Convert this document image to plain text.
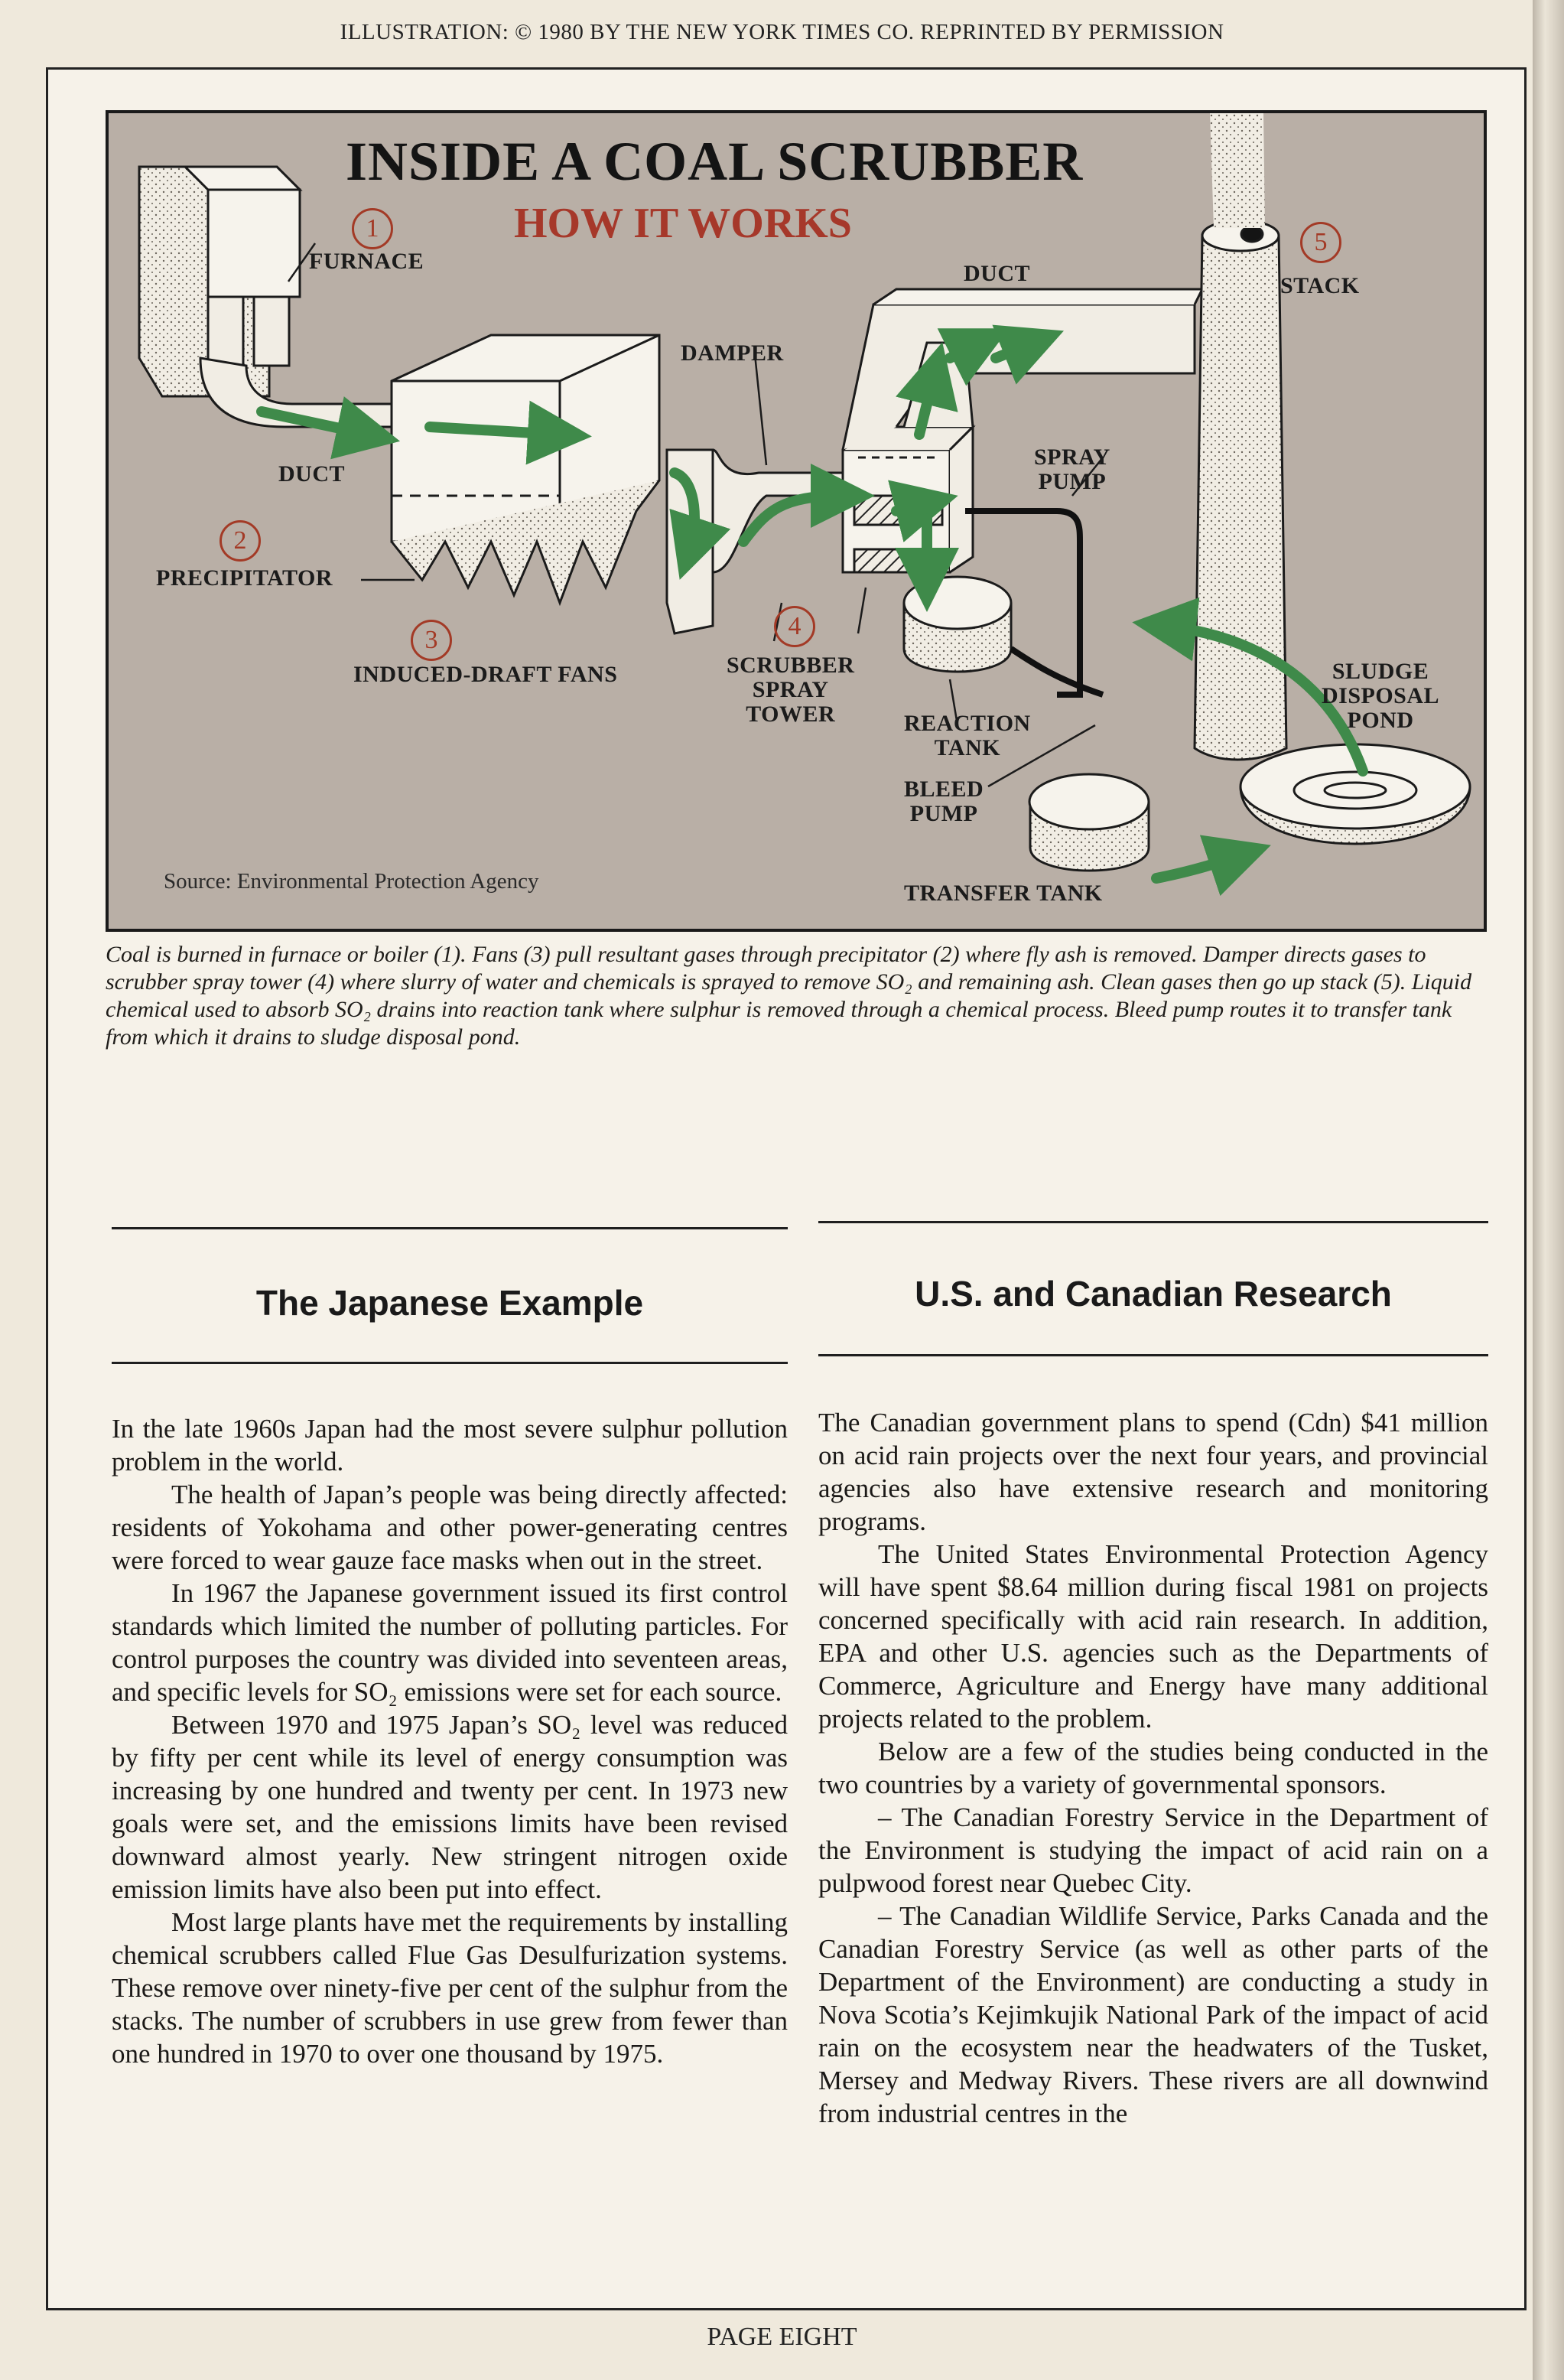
ILLUSTRATION: © 1980 BY THE NEW YORK TIMES CO. REPRINTED BY PERMISSION
INSIDE A COAL SCRUBBER
HOW IT WORKS
1
2
3	4
5
FURNACE
DUCT
PRECIPITATOR
INDUCED-DRAFT FANS
DAMPER
DUCT
SPRAY
PUMP
SCRUBBER
SPRAY
TOWER	REACTION
TANK
BLEED
PUMP
TRANSFER TANK
STACK
SLUDGE
DISPOSAL
POND
Source: Environmental Protection Agency
Coal is burned in furnace or boiler (1). Fans (3) pull resultant gases through precipitator (2) where fly ash is removed. Damper directs gases to scrubber spray tower (4) where slurry of water and chemicals is sprayed to remove SO₂ and remaining ash. Clean gases then go up stack (5). Liquid chemical used to absorb SO₂ drains into reaction tank where sulphur is removed through a chemical process. Bleed pump routes it to transfer tank from which it drains to sludge disposal pond.
The Japanese Example

In the late 1960s Japan had the most severe sulphur pollution problem in the world.

The health of Japan’s people was being directly affected: residents of Yokohama and other power-generating centres were forced to wear gauze face masks when out in the street.

In 1967 the Japanese government issued its first control standards which limited the number of polluting particles. For control purposes the country was divided into seventeen areas, and specific levels for SO₂ emissions were set for each source.

Between 1970 and 1975 Japan’s SO₂ level was reduced by fifty per cent while its level of energy consumption was increasing by one hundred and twenty per cent. In 1973 new goals were set, and the emissions limits have been revised downward almost yearly. New stringent nitrogen oxide emission limits have also been put into effect.

Most large plants have met the requirements by installing chemical scrubbers called Flue Gas Desulfurization systems. These remove over ninety-five per cent of the sulphur from the stacks. The number of scrubbers in use grew from fewer than one hundred in 1970 to over one thousand by 1975.

U.S. and Canadian Research

The Canadian government plans to spend (Cdn) $41 million on acid rain projects over the next four years, and provincial agencies also have extensive research and monitoring programs.

The United States Environmental Protection Agency will have spent $8.64 million during fiscal 1981 on projects concerned specifically with acid rain research. In addition, EPA and other U.S. agencies such as the Departments of Commerce, Agriculture and Energy have many additional projects related to the problem.

Below are a few of the studies being conducted in the two countries by a variety of governmental sponsors.

– The Canadian Forestry Service in the Department of the Environment is studying the impact of acid rain on a pulpwood forest near Quebec City.

– The Canadian Wildlife Service, Parks Canada and the Canadian Forestry Service (as well as other parts of the Department of the Environment) are conducting a study in Nova Scotia’s Kejimkujik National Park of the impact of acid rain on the ecosystem near the headwaters of the Tusket, Mersey and Medway Rivers. These rivers are all downwind from industrial centres in the

PAGE EIGHT
